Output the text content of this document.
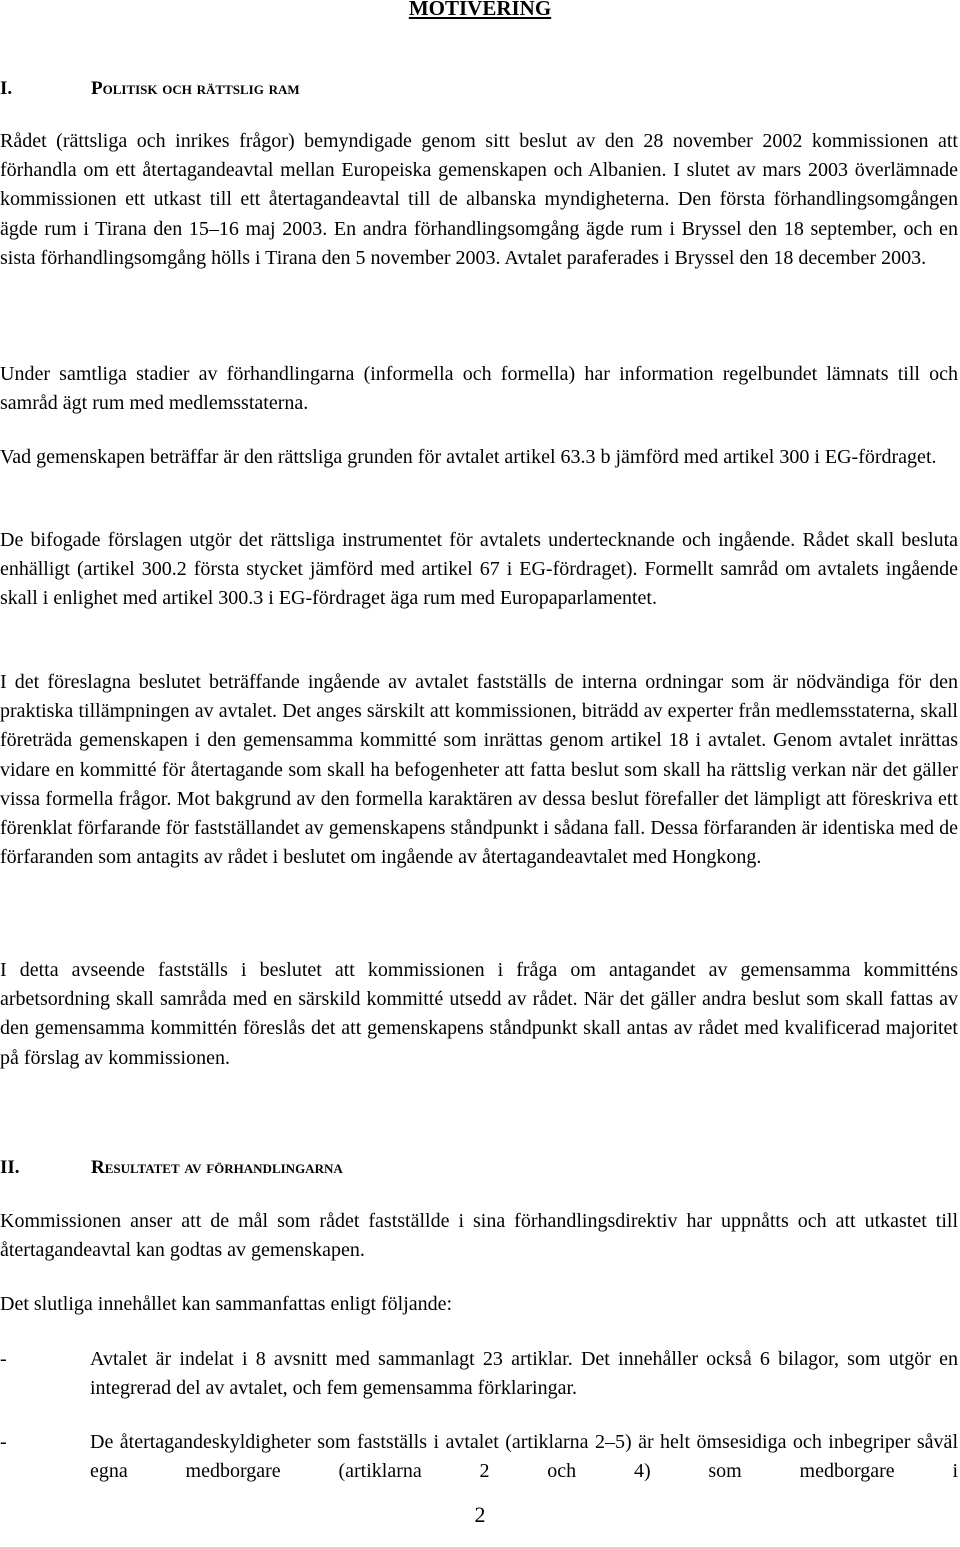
MOTIVERING
I.	Politisk och rättslig ram

Rådet (rättsliga och inrikes frågor) bemyndigade genom sitt beslut av den 28 november 2002 kommissionen att förhandla om ett återtagandeavtal mellan Europeiska gemenskapen och Albanien. I slutet av mars 2003 överlämnade kommissionen ett utkast till ett återtagandeavtal till de albanska myndigheterna. Den första förhandlingsomgången ägde rum i Tirana den 15–16 maj 2003. En andra förhandlingsomgång ägde rum i Bryssel den 18 september, och en sista förhandlingsomgång hölls i Tirana den 5 november 2003. Avtalet paraferades i Bryssel den 18 december 2003.

Under samtliga stadier av förhandlingarna (informella och formella) har information regelbundet lämnats till och samråd ägt rum med medlemsstaterna.

Vad gemenskapen beträffar är den rättsliga grunden för avtalet artikel 63.3 b jämförd med artikel 300 i EG-fördraget.

De bifogade förslagen utgör det rättsliga instrumentet för avtalets undertecknande och ingående. Rådet skall besluta enhälligt (artikel 300.2 första stycket jämförd med artikel 67 i EG-fördraget). Formellt samråd om avtalets ingående skall i enlighet med artikel 300.3 i EG-fördraget äga rum med Europaparlamentet.

I det föreslagna beslutet beträffande ingående av avtalet fastställs de interna ordningar som är nödvändiga för den praktiska tillämpningen av avtalet. Det anges särskilt att kommissionen, biträdd av experter från medlemsstaterna, skall företräda gemenskapen i den gemensamma kommitté som inrättas genom artikel 18 i avtalet. Genom avtalet inrättas vidare en kommitté för återtagande som skall ha befogenheter att fatta beslut som skall ha rättslig verkan när det gäller vissa formella frågor. Mot bakgrund av den formella karaktären av dessa beslut förefaller det lämpligt att föreskriva ett förenklat förfarande för fastställandet av gemenskapens ståndpunkt i sådana fall. Dessa förfaranden är identiska med de förfaranden som antagits av rådet i beslutet om ingående av återtagandeavtalet med Hongkong.

I detta avseende fastställs i beslutet att kommissionen i fråga om antagandet av gemensamma kommitténs arbetsordning skall samråda med en särskild kommitté utsedd av rådet. När det gäller andra beslut som skall fattas av den gemensamma kommittén föreslås det att gemenskapens ståndpunkt skall antas av rådet med kvalificerad majoritet på förslag av kommissionen.

II.	Resultatet av förhandlingarna

Kommissionen anser att de mål som rådet fastställde i sina förhandlingsdirektiv har uppnåtts och att utkastet till återtagandeavtal kan godtas av gemenskapen.

Det slutliga innehållet kan sammanfattas enligt följande:

-	Avtalet är indelat i 8 avsnitt med sammanlagt 23 artiklar. Det innehåller också 6 bilagor, som utgör en integrerad del av avtalet, och fem gemensamma förklaringar.
-	De återtagandeskyldigheter som fastställs i avtalet (artiklarna 2–5) är helt ömsesidiga och inbegriper såväl egna medborgare (artiklarna 2 och 4) som medborgare i

2
